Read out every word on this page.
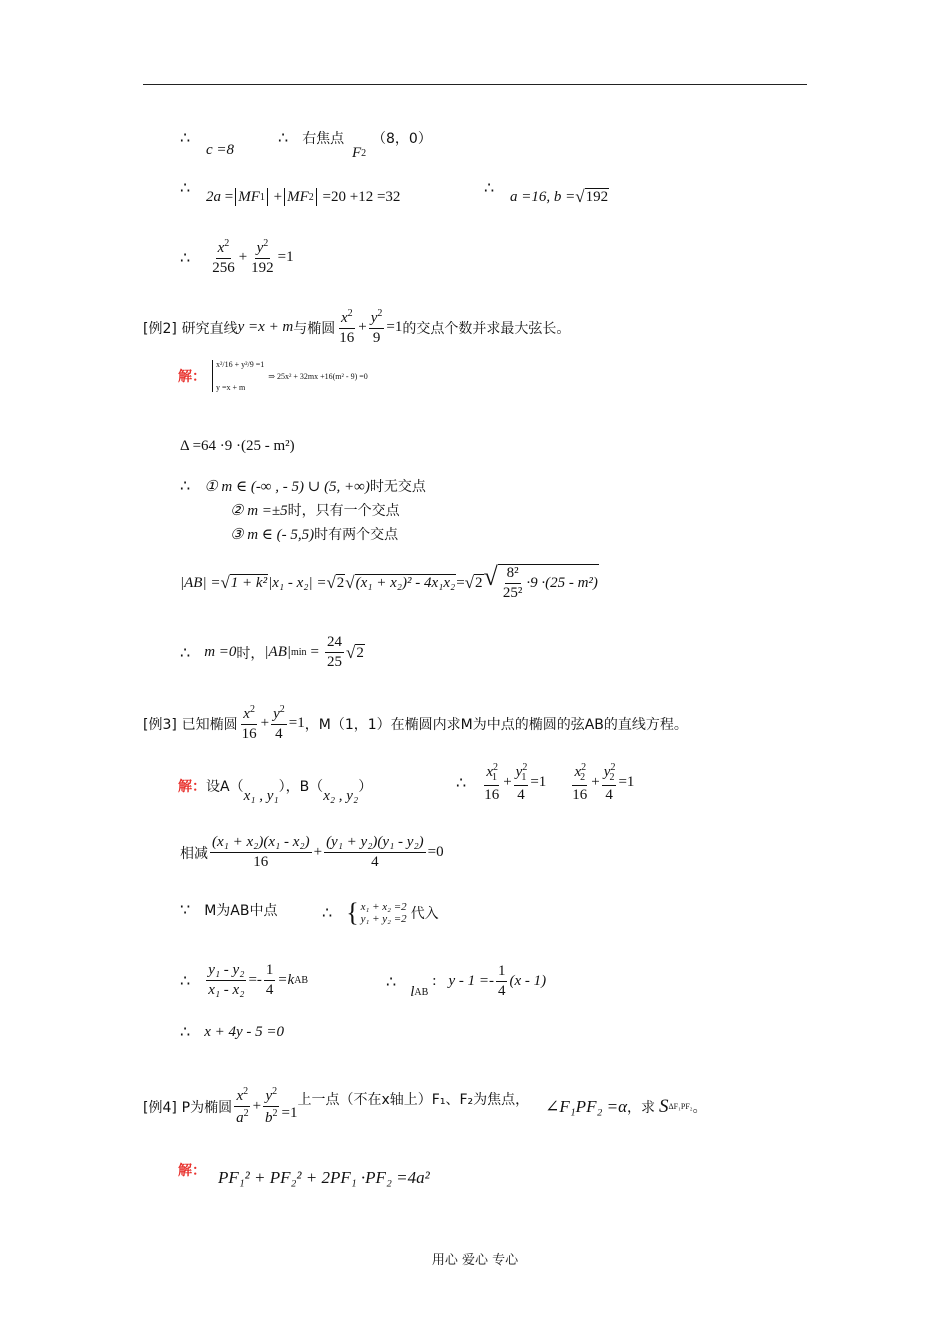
∴
c =8
∴ 右焦点
F 2
（8，0）
∴ 2a = MF 1 + MF 2 =20 +12 =32	∴ a =16, b = √ 192
∴ $\frac{x^2}{256} + \frac{y^2}{192} =1$
[例2]
研究直线 y =x + m 与椭圆 $\frac{x^2}{16} + \frac{y^2}{9} =1$ 的交点个数并求最大弦长。
解：
x²/16 + y²/9 =1
y =x + m
⇒ 25x² + 32mx +16(m² - 9) =0
Δ =64 ·9 ·(25 - m²)
∴ ① m ∈ (-∞ , - 5) ∪ (5, +∞) 时无交点
② m =±5 时，只有一个交点
③ m ∈ (- 5,5) 时有两个交点
|AB| = √ 1 + k² |x₁ - x₂| = √ 2 √ (x₁ + x₂)² - 4x₁x₂ = √ 2 √ $\frac{\text{8²}}{\text{25²}} \cdot 9 \cdot(25 - m^2)$
∴ m =0 时， |AB| $\min = \frac{24}{25}$ √ 2
[例3]
已知椭圆 $\frac{x^2}{16} + \frac{y^2}{4} =1$ ，M（1，1）在椭圆内求M为中点的椭圆的弦AB的直线方程。
解： 设A（
x₁ , y₁
），B（
x₂ , y₂
）	∴ $\frac{x^2_1}{16} + \frac{y^2_1}{4} =1 \frac{x^2_2}{16} + \frac{y^2_2}{4} =1$
相减 $\frac{\text{(x₁ + x₂)(x₁ - x₂)}}{16} + \frac{\text{(y₁ + y₂)(y₁ - y₂)}}{4} =0$
∵ M为AB中点	∴ { x₁ + x₂ =2
y₁ + y₂ =2 代入
∴ $\frac{\text{y₁ - y₂}}{\text{x₁ - x₂}} =- \frac{1}{4} =k$ AB	∴
l AB
: $y - 1 =- \frac{1}{4} (x - 1)$
∴ x + 4y - 5 =0
[例4]
P为椭圆 $\frac{x^2}{a^2} + \frac{y^2}{b^2} =1$
上一点（不在x轴上）F₁、F₂为焦点， ∠F₁PF₂ =α ，求 S ΔF₁PF₂ 。
解： PF₁² + PF₂² + 2PF₁ ·PF₂ =4a²
用心 爱心 专心
